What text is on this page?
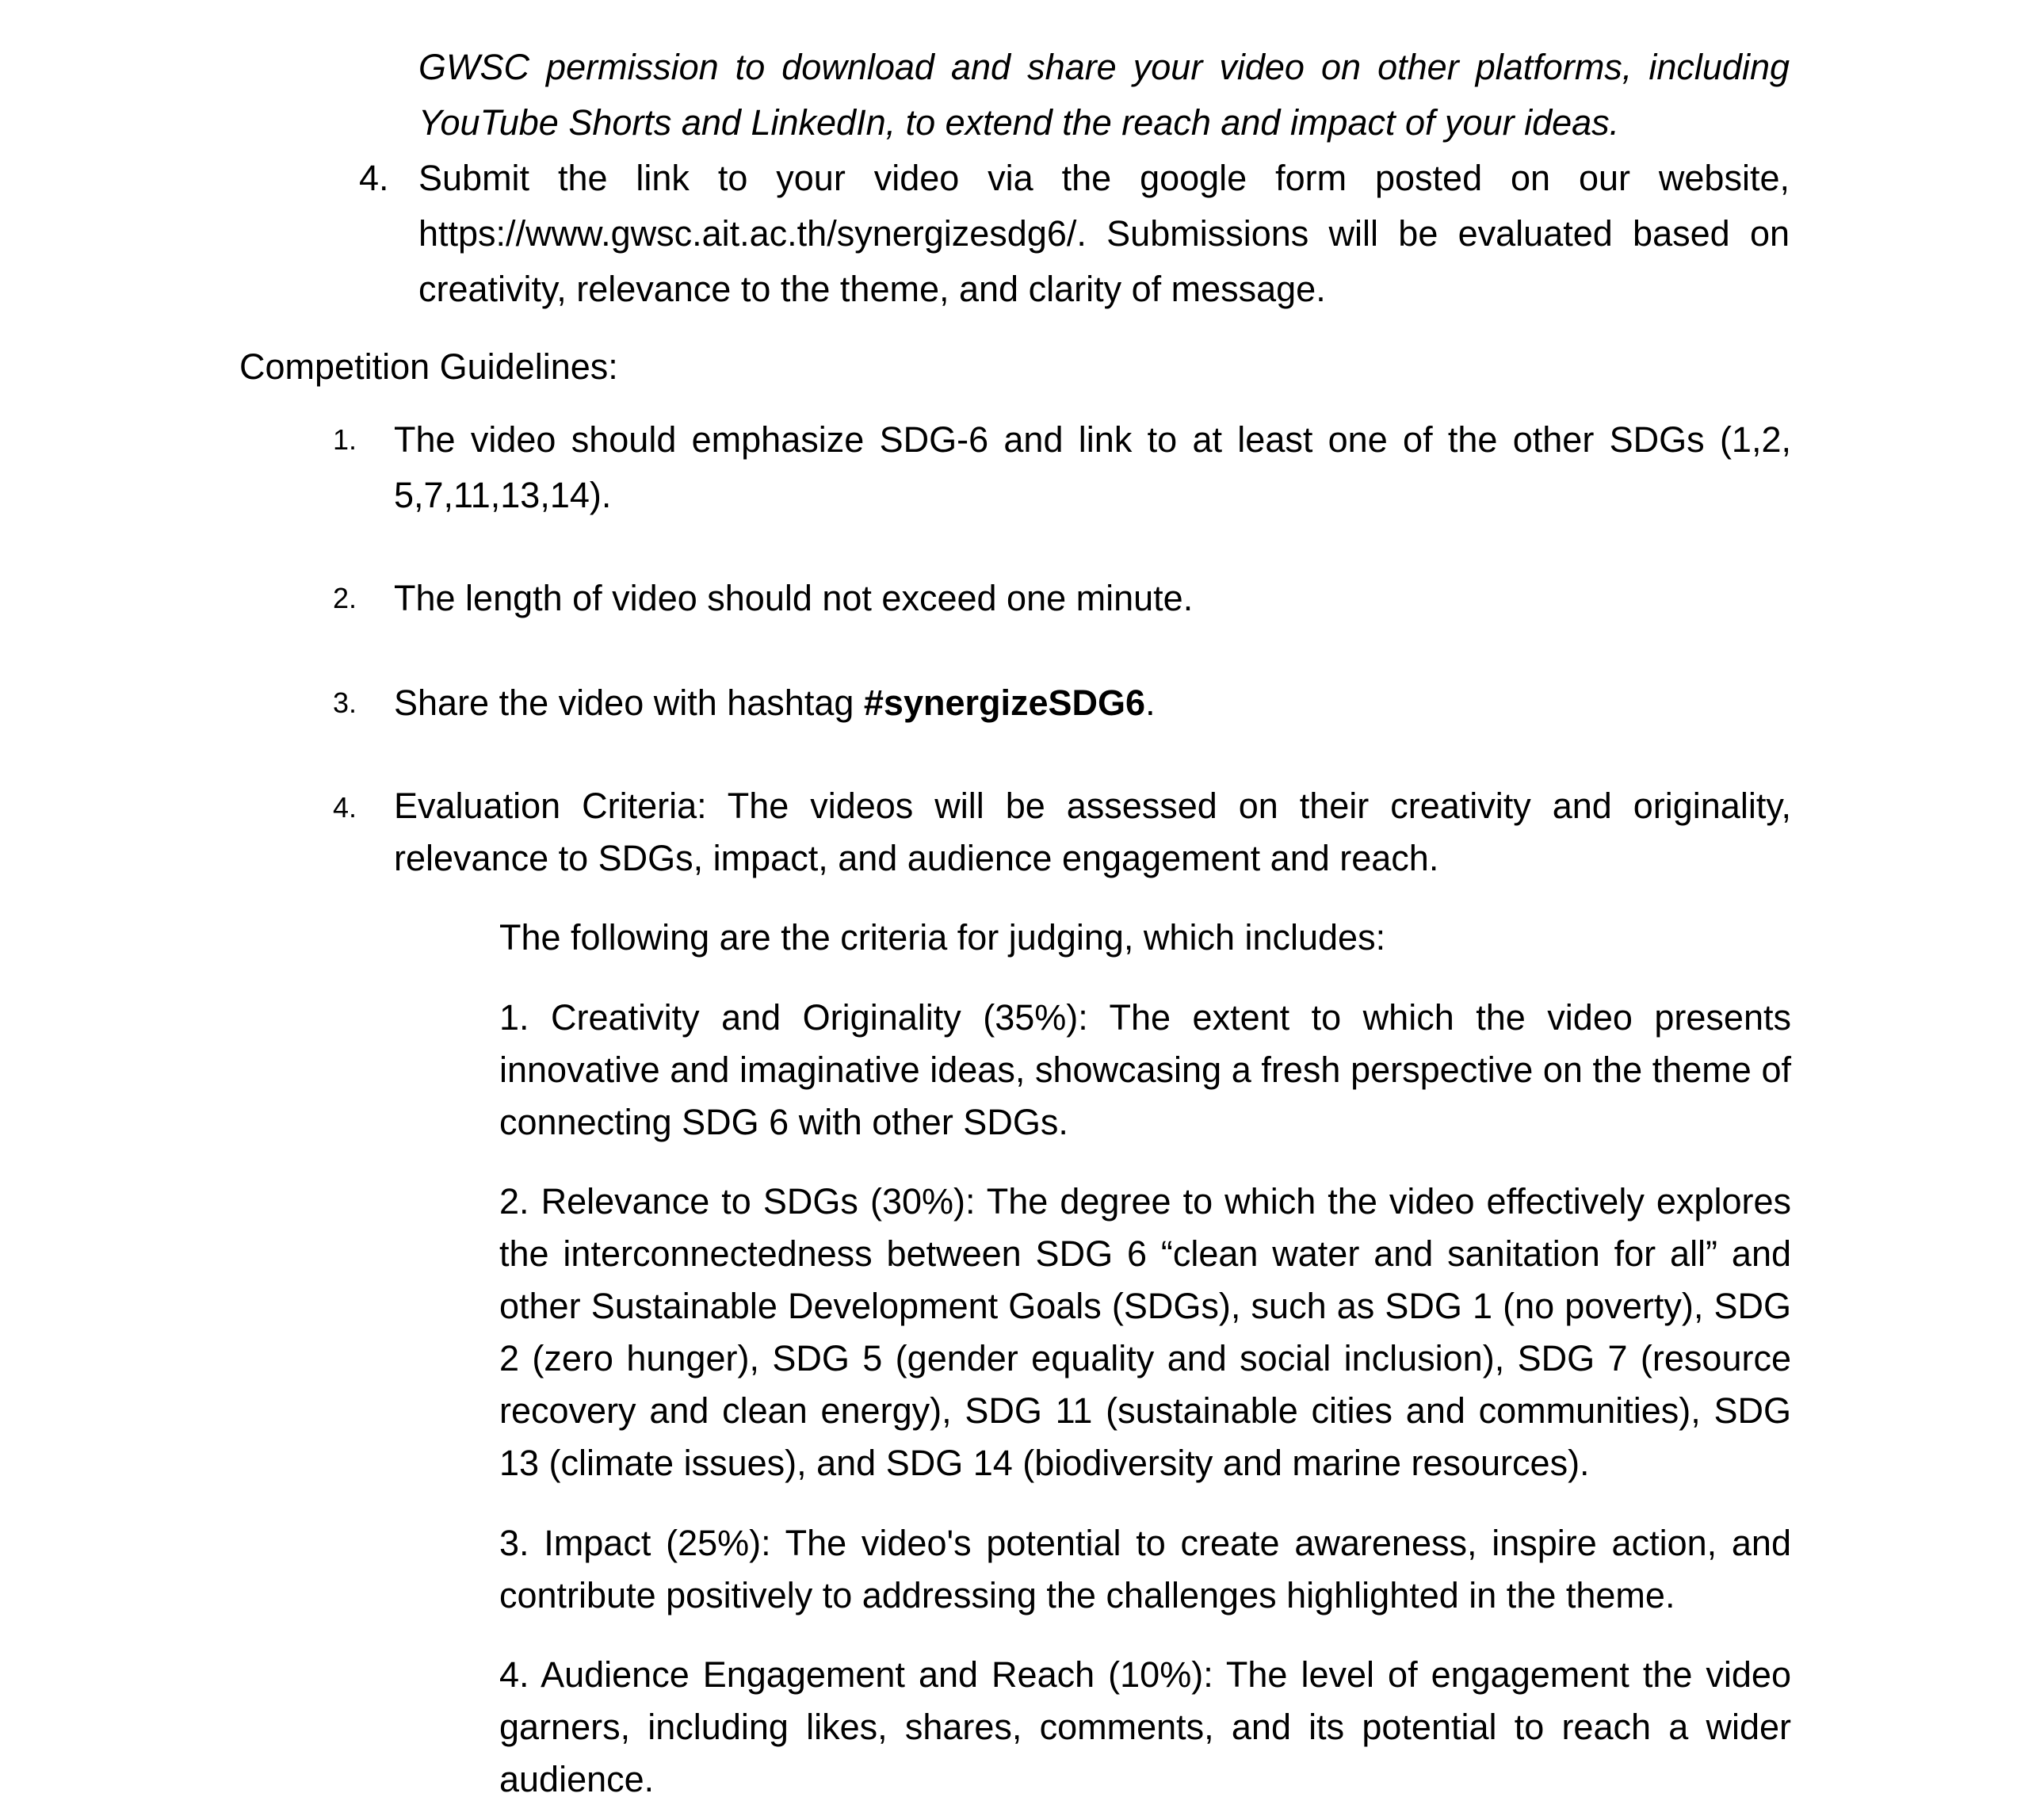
GWSC permission to download and share your video on other platforms, including YouTube Shorts and LinkedIn, to extend the reach and impact of your ideas.

4. Submit the link to your video via the google form posted on our website, https://www.gwsc.ait.ac.th/synergizesdg6/. Submissions will be evaluated based on creativity, relevance to the theme, and clarity of message.

Competition Guidelines:

1. The video should emphasize SDG-6 and link to at least one of the other SDGs (1,2, 5,7,11,13,14).

2. The length of video should not exceed one minute.

3. Share the video with hashtag #synergizeSDG6.

4. Evaluation Criteria: The videos will be assessed on their creativity and originality, relevance to SDGs, impact, and audience engagement and reach.

The following are the criteria for judging, which includes:

1. Creativity and Originality (35%): The extent to which the video presents innovative and imaginative ideas, showcasing a fresh perspective on the theme of connecting SDG 6 with other SDGs.

2. Relevance to SDGs (30%): The degree to which the video effectively explores the interconnectedness between SDG 6 “clean water and sanitation for all” and other Sustainable Development Goals (SDGs), such as SDG 1 (no poverty), SDG 2 (zero hunger), SDG 5 (gender equality and social inclusion), SDG 7 (resource recovery and clean energy), SDG 11 (sustainable cities and communities), SDG 13 (climate issues), and SDG 14 (biodiversity and marine resources).

3. Impact (25%): The video's potential to create awareness, inspire action, and contribute positively to addressing the challenges highlighted in the theme.

4. Audience Engagement and Reach (10%): The level of engagement the video garners, including likes, shares, comments, and its potential to reach a wider audience.
